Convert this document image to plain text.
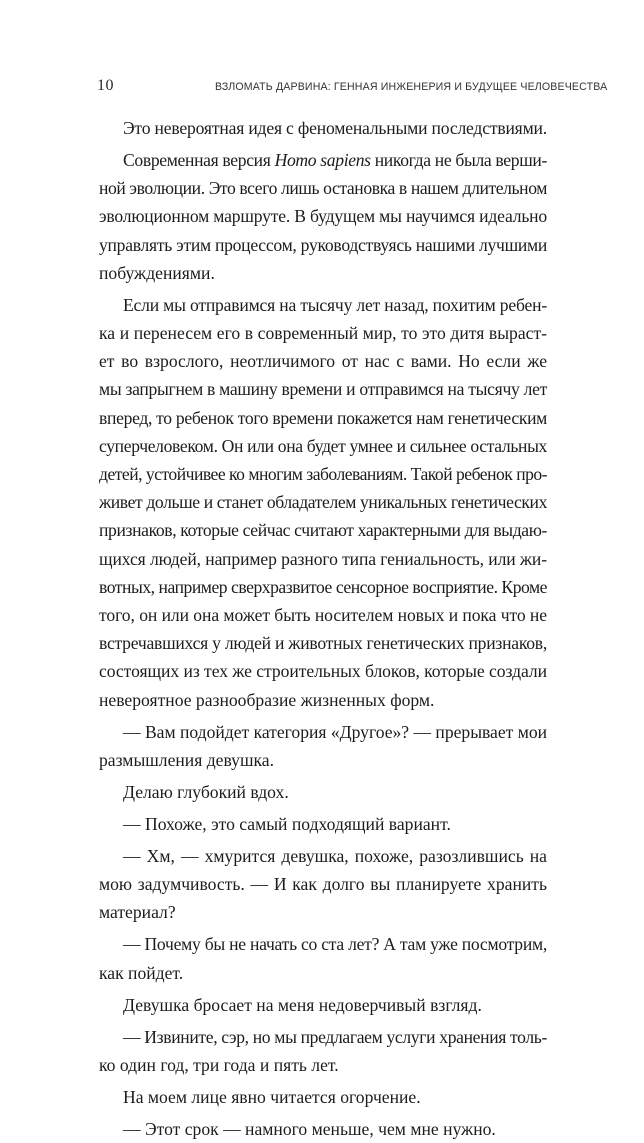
10	ВЗЛОМАТЬ ДАРВИНА: ГЕННАЯ ИНЖЕНЕРИЯ И БУДУЩЕЕ ЧЕЛОВЕЧЕСТВА
Это невероятная идея с феноменальными последствиями.
Современная версия Homo sapiens никогда не была верши-
ной эволюции. Это всего лишь остановка в нашем длительном
эволюционном маршруте. В будущем мы научимся идеально
управлять этим процессом, руководствуясь нашими лучшими
побуждениями.
Если мы отправимся на тысячу лет назад, похитим ребен-
ка и перенесем его в современный мир, то это дитя выраст-
ет во взрослого, неотличимого от нас с вами. Но если же
мы запрыгнем в машину времени и отправимся на тысячу лет
вперед, то ребенок того времени покажется нам генетическим
суперчеловеком. Он или она будет умнее и сильнее остальных
детей, устойчивее ко многим заболеваниям. Такой ребенок про-
живет дольше и станет обладателем уникальных генетических
признаков, которые сейчас считают характерными для выдаю-
щихся людей, например разного типа гениальность, или жи-
вотных, например сверхразвитое сенсорное восприятие. Кроме
того, он или она может быть носителем новых и пока что не
встречавшихся у людей и животных генетических признаков,
состоящих из тех же строительных блоков, которые создали
невероятное разнообразие жизненных форм.
— Вам подойдет категория «Другое»? — прерывает мои
размышления девушка.
Делаю глубокий вдох.
— Похоже, это самый подходящий вариант.
— Хм, — хмурится девушка, похоже, разозлившись на
мою задумчивость. — И как долго вы планируете хранить
материал?
— Почему бы не начать со ста лет? А там уже посмотрим,
как пойдет.
Девушка бросает на меня недоверчивый взгляд.
— Извините, сэр, но мы предлагаем услуги хранения толь-
ко один год, три года и пять лет.
На моем лице явно читается огорчение.
— Этот срок — намного меньше, чем мне нужно.
